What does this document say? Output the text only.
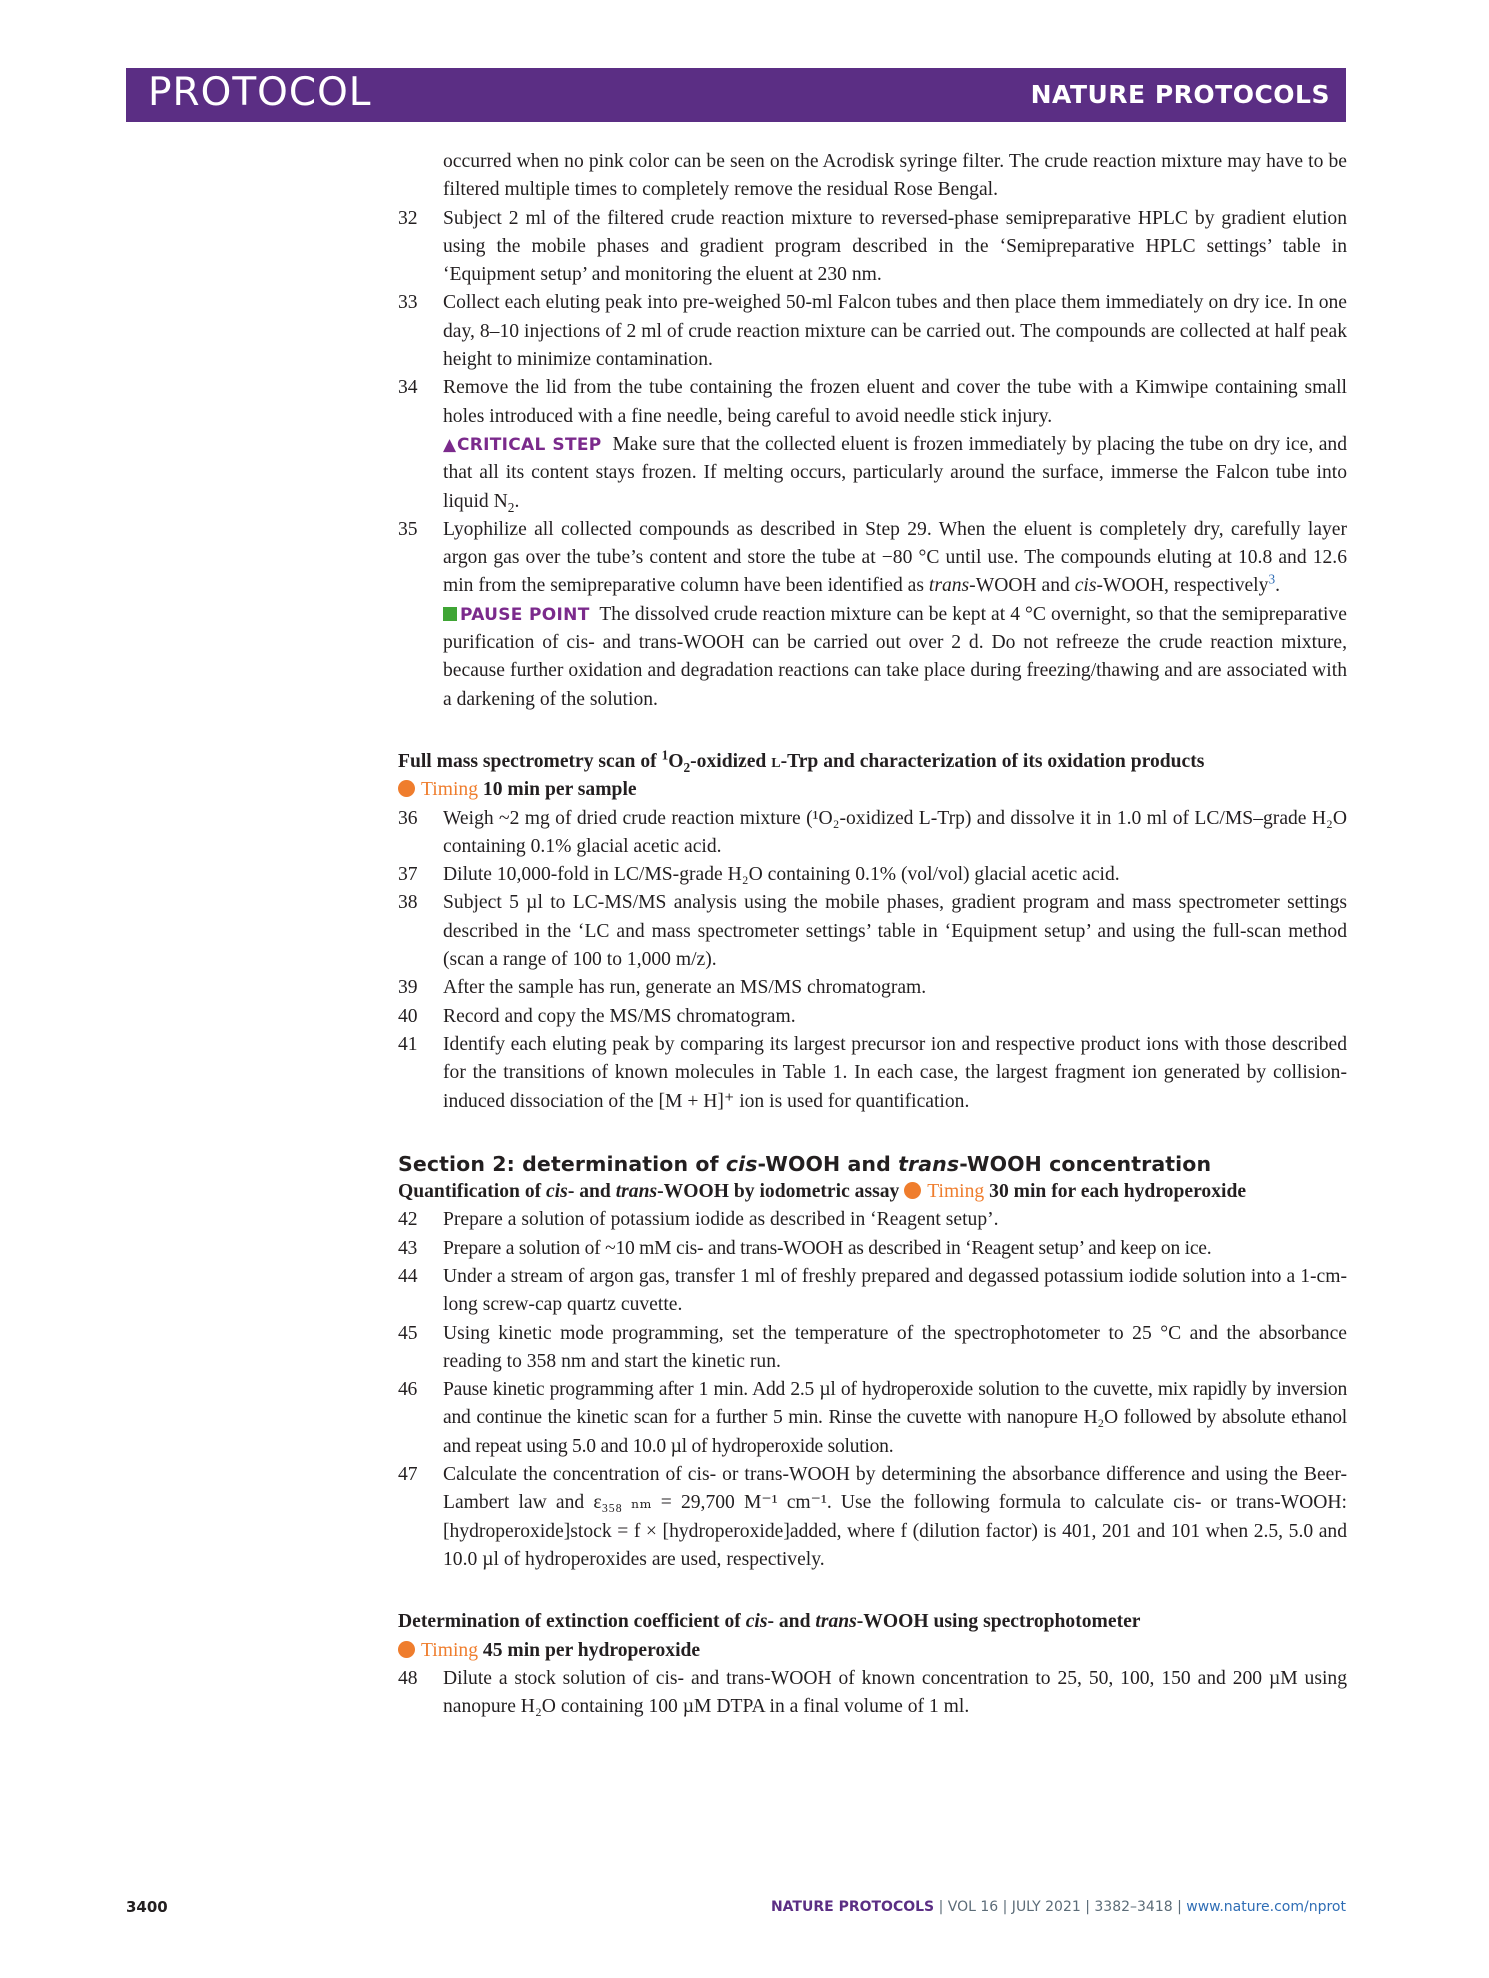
PROTOCOL	NATURE PROTOCOLS

occurred when no pink color can be seen on the Acrodisk syringe filter. The crude reaction mixture may have to be filtered multiple times to completely remove the residual Rose Bengal.

32 Subject 2 ml of the filtered crude reaction mixture to reversed-phase semipreparative HPLC by gradient elution using the mobile phases and gradient program described in the ‘Semipreparative HPLC settings’ table in ‘Equipment setup’ and monitoring the eluent at 230 nm.
33 Collect each eluting peak into pre-weighed 50-ml Falcon tubes and then place them immediately on dry ice. In one day, 8–10 injections of 2 ml of crude reaction mixture can be carried out. The compounds are collected at half peak height to minimize contamination.
34 Remove the lid from the tube containing the frozen eluent and cover the tube with a Kimwipe containing small holes introduced with a fine needle, being careful to avoid needle stick injury.

▲CRITICAL STEP Make sure that the collected eluent is frozen immediately by placing the tube on dry ice, and that all its content stays frozen. If melting occurs, particularly around the surface, immerse the Falcon tube into liquid $N_2$.

35 Lyophilize all collected compounds as described in Step 29. When the eluent is completely dry, carefully layer argon gas over the tube’s content and store the tube at −80 °C until use. The compounds eluting at 10.8 and 12.6 min from the semipreparative column have been identified as trans-WOOH and cis-WOOH, respectively$^3$.

PAUSE POINT The dissolved crude reaction mixture can be kept at 4 °C overnight, so that the semipreparative purification of cis- and trans-WOOH can be carried out over 2 d. Do not refreeze the crude reaction mixture, because further oxidation and degradation reactions can take place during freezing/thawing and are associated with a darkening of the solution.

Full mass spectrometry scan of $^1O_2$-oxidized l-Trp and characterization of its oxidation products
Timing 10 min per sample

36 Weigh ~2 mg of dried crude reaction mixture (¹O₂-oxidized L-Trp) and dissolve it in 1.0 ml of LC/MS–grade H₂O containing 0.1% glacial acetic acid.
37 Dilute 10,000-fold in LC/MS-grade H₂O containing 0.1% (vol/vol) glacial acetic acid.
38 Subject 5 µl to LC-MS/MS analysis using the mobile phases, gradient program and mass spectrometer settings described in the ‘LC and mass spectrometer settings’ table in ‘Equipment setup’ and using the full-scan method (scan a range of 100 to 1,000 m/z).
39 After the sample has run, generate an MS/MS chromatogram.
40 Record and copy the MS/MS chromatogram.
41 Identify each eluting peak by comparing its largest precursor ion and respective product ions with those described for the transitions of known molecules in Table 1. In each case, the largest fragment ion generated by collision-induced dissociation of the [M + H]⁺ ion is used for quantification.

Section 2: determination of cis-WOOH and trans-WOOH concentration

Quantification of cis- and trans-WOOH by iodometric assay Timing 30 min for each hydroperoxide

42 Prepare a solution of potassium iodide as described in ‘Reagent setup’.
43 Prepare a solution of ~10 mM cis- and trans-WOOH as described in ‘Reagent setup’ and keep on ice.
44 Under a stream of argon gas, transfer 1 ml of freshly prepared and degassed potassium iodide solution into a 1-cm-long screw-cap quartz cuvette.
45 Using kinetic mode programming, set the temperature of the spectrophotometer to 25 °C and the absorbance reading to 358 nm and start the kinetic run.
46 Pause kinetic programming after 1 min. Add 2.5 µl of hydroperoxide solution to the cuvette, mix rapidly by inversion and continue the kinetic scan for a further 5 min. Rinse the cuvette with nanopure H₂O followed by absolute ethanol and repeat using 5.0 and 10.0 µl of hydroperoxide solution.
47 Calculate the concentration of cis- or trans-WOOH by determining the absorbance difference and using the Beer-Lambert law and ε₃₅₈ ₙₘ = 29,700 M⁻¹ cm⁻¹. Use the following formula to calculate cis- or trans-WOOH: [hydroperoxide]stock = f × [hydroperoxide]added, where f (dilution factor) is 401, 201 and 101 when 2.5, 5.0 and 10.0 µl of hydroperoxides are used, respectively.

Determination of extinction coefficient of cis- and trans-WOOH using spectrophotometer
Timing 45 min per hydroperoxide

48 Dilute a stock solution of cis- and trans-WOOH of known concentration to 25, 50, 100, 150 and 200 µM using nanopure H₂O containing 100 µM DTPA in a final volume of 1 ml.
3400	NATURE PROTOCOLS | VOL 16 | JULY 2021 | 3382–3418 | www.nature.com/nprot
